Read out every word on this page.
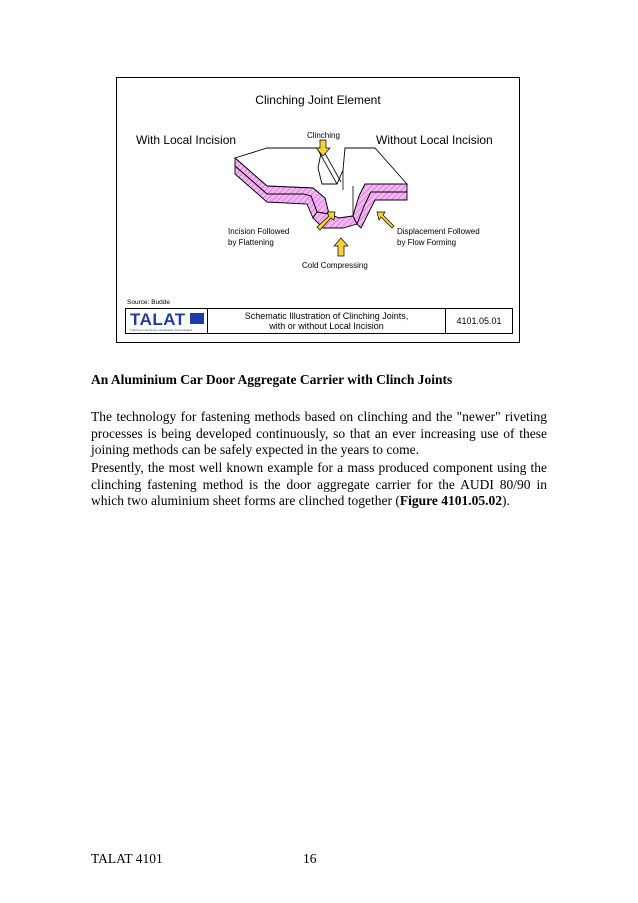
Clinching Joint Element
With Local Incision	Without Local Incision
Clinching
Incision Followed
by Flattening
Displacement Followed
by Flow Forming
Cold Compressing
Source: Budde
TALAT
Training in Aluminium Application Technologies
Schematic Illustration of Clinching Joints,
with or without Local Incision	4101.05.01
An Aluminium Car Door Aggregate Carrier with Clinch Joints

The technology for fastening methods based on clinching and the "newer" riveting processes is being developed continuously, so that an ever increasing use of these joining methods can be safely expected in the years to come.

Presently, the most well known example for a mass produced component using the clinching fastening method is the door aggregate carrier for the AUDI 80/90 in which two aluminium sheet forms are clinched together (Figure 4101.05.02).

TALAT 4101	16
